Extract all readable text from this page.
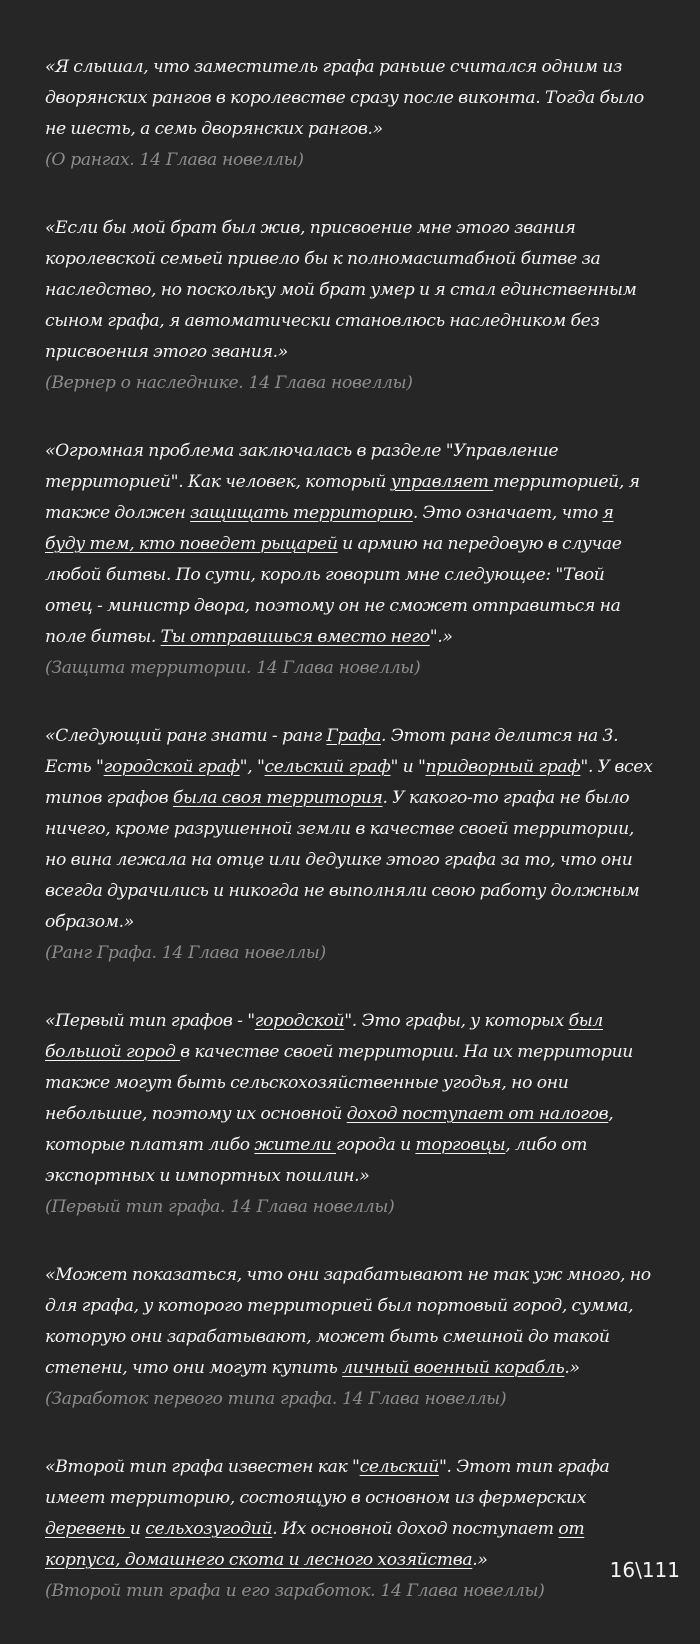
«Я слышал, что заместитель графа раньше считался одним из дворянских рангов в королевстве сразу после виконта. Тогда было не шесть, а семь дворянских рангов.»

(О рангах. 14 Глава новеллы)

«Если бы мой брат был жив, присвоение мне этого звания королевской семьей привело бы к полномасштабной битве за наследство, но поскольку мой брат умер и я стал единственным сыном графа, я автоматически становлюсь наследником без присвоения этого звания.»

(Вернер о наследнике. 14 Глава новеллы)

«Огромная проблема заключалась в разделе "Управление территорией". Как человек, который управляет территорией, я также должен защищать территорию. Это означает, что я буду тем, кто поведет рыцарей и армию на передовую в случае любой битвы. По сути, король говорит мне следующее: "Твой отец - министр двора, поэтому он не сможет отправиться на поле битвы. Ты отправишься вместо него".»

(Защита территории. 14 Глава новеллы)

«Следующий ранг знати - ранг Графа. Этот ранг делится на 3. Есть "городской граф", "сельский граф" и "придворный граф". У всех типов графов была своя территория. У какого-то графа не было ничего, кроме разрушенной земли в качестве своей территории, но вина лежала на отце или дедушке этого графа за то, что они всегда дурачились и никогда не выполняли свою работу должным образом.»

(Ранг Графа. 14 Глава новеллы)

«Первый тип графов - "городской". Это графы, у которых был большой город в качестве своей территории. На их территории также могут быть сельскохозяйственные угодья, но они небольшие, поэтому их основной доход поступает от налогов, которые платят либо жители города и торговцы, либо от экспортных и импортных пошлин.»

(Первый тип графа. 14 Глава новеллы)

«Может показаться, что они зарабатывают не так уж много, но для графа, у которого территорией был портовый город, сумма, которую они зарабатывают, может быть смешной до такой степени, что они могут купить личный военный корабль.»

(Заработок первого типа графа. 14 Глава новеллы)

«Второй тип графа известен как "сельский". Этот тип графа имеет территорию, состоящую в основном из фермерских деревень и сельхозугодий. Их основной доход поступает от корпуса, домашнего скота и лесного хозяйства.»

(Второй тип графа и его заработок. 14 Глава новеллы)

16\111
